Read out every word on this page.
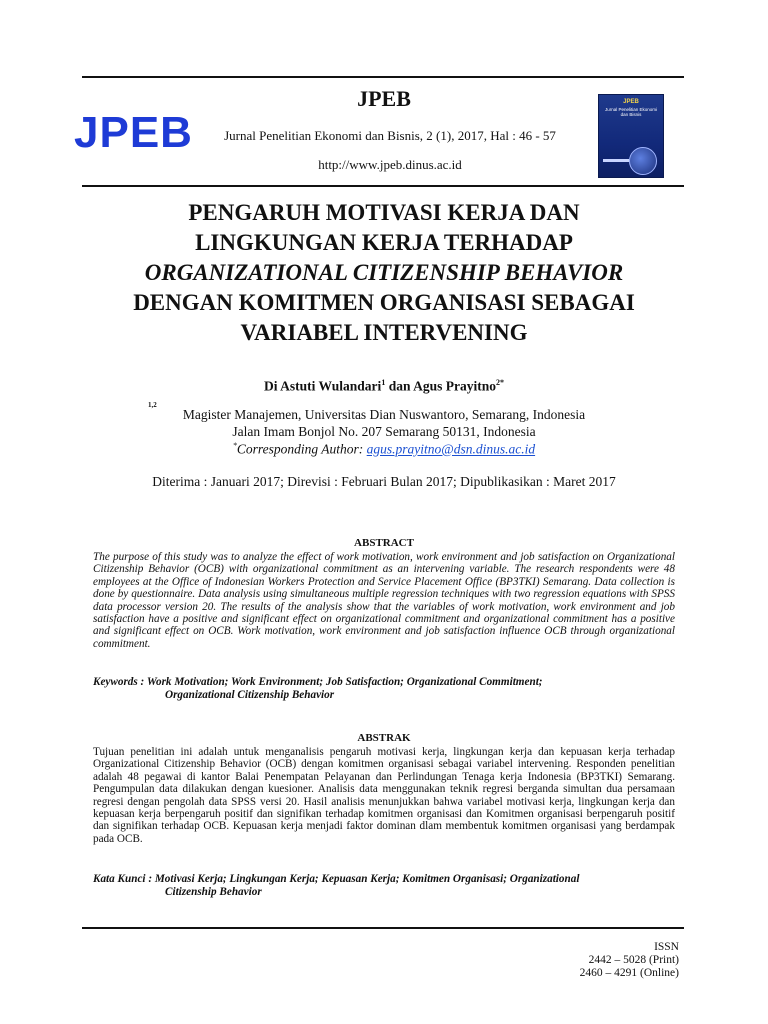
JPEB
JPEB
Jurnal Penelitian Ekonomi dan Bisnis, 2 (1), 2017, Hal : 46 - 57
http://www.jpeb.dinus.ac.id
JPEB
Jurnal Penelitian Ekonomi dan Bisnis
PENGARUH MOTIVASI KERJA DAN
LINGKUNGAN KERJA TERHADAP
ORGANIZATIONAL CITIZENSHIP BEHAVIOR
DENGAN KOMITMEN ORGANISASI SEBAGAI
VARIABEL INTERVENING
Di Astuti Wulandari$^1$ dan Agus Prayitno$^{2*}$
1,2
Magister Manajemen, Universitas Dian Nuswantoro, Semarang, Indonesia
Jalan Imam Bonjol No. 207 Semarang 50131, Indonesia
*Corresponding Author: agus.prayitno@dsn.dinus.ac.id
Diterima : Januari 2017; Direvisi : Februari Bulan 2017; Dipublikasikan : Maret 2017
ABSTRACT
The purpose of this study was to analyze the effect of work motivation, work environment and job satisfaction on Organizational Citizenship Behavior (OCB) with organizational commitment as an intervening variable. The research respondents were 48 employees at the Office of Indonesian Workers Protection and Service Placement Office (BP3TKI) Semarang. Data collection is done by questionnaire. Data analysis using simultaneous multiple regression techniques with two regression equations with SPSS data processor version 20. The results of the analysis show that the variables of work motivation, work environment and job satisfaction have a positive and significant effect on organizational commitment and organizational commitment has a positive and significant effect on OCB. Work motivation, work environment and job satisfaction influence OCB through organizational commitment.
Keywords : Work Motivation; Work Environment; Job Satisfaction; Organizational Commitment;
Organizational Citizenship Behavior
ABSTRAK
Tujuan penelitian ini adalah untuk menganalisis pengaruh motivasi kerja, lingkungan kerja dan kepuasan kerja terhadap Organizational Citizenship Behavior (OCB) dengan komitmen organisasi sebagai variabel intervening. Responden penelitian adalah 48 pegawai di kantor Balai Penempatan Pelayanan dan Perlindungan Tenaga kerja Indonesia (BP3TKI) Semarang. Pengumpulan data dilakukan dengan kuesioner. Analisis data menggunakan teknik regresi berganda simultan dua persamaan regresi dengan pengolah data SPSS versi 20. Hasil analisis menunjukkan bahwa variabel motivasi kerja, lingkungan kerja dan kepuasan kerja berpengaruh positif dan signifikan terhadap komitmen organisasi dan Komitmen organisasi berpengaruh positif dan signifikan terhadap OCB. Kepuasan kerja menjadi faktor dominan dlam membentuk komitmen organisasi yang berdampak pada OCB.
Kata Kunci : Motivasi Kerja; Lingkungan Kerja; Kepuasan Kerja; Komitmen Organisasi; Organizational
Citizenship Behavior
ISSN
2442 – 5028 (Print)
2460 – 4291 (Online)
